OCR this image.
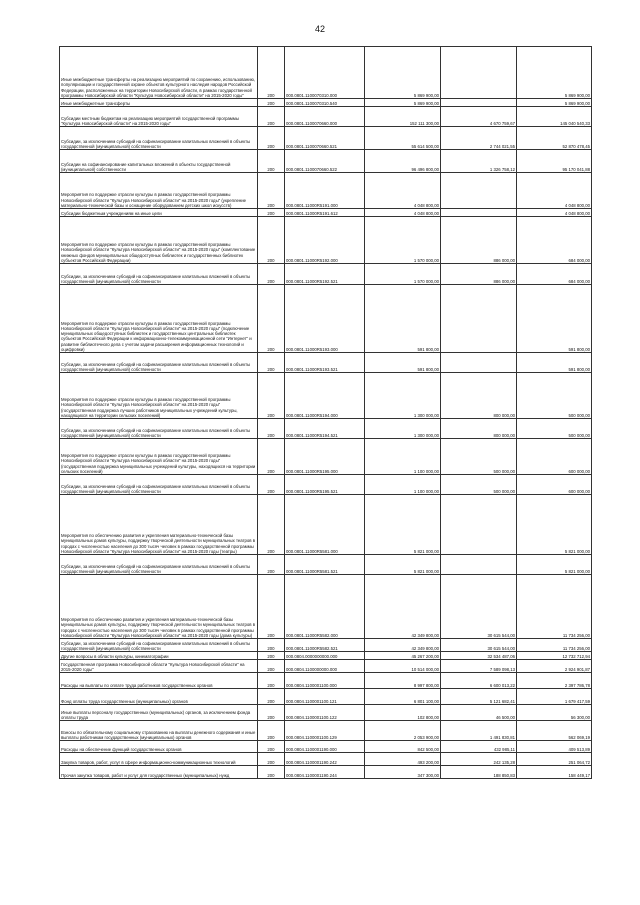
42
Иные межбюджетные трансферты на реализацию мероприятий по сохранению, использованию, популяризации и государственной охране объектов культурного наследия народов Российской Федерации, расположенных на территории Новосибирской области, в рамках государственной программы Новосибирской области "Культура Новосибирской области" на 2015-2020 годы"	200	000.0801.1100070310.000	5 869 900,00		5 869 900,00
Иные межбюджетные трансферты	200	000.0801.1100070310.540	5 869 900,00		5 869 900,00
Субсидии местным бюджетам на реализацию мероприятий государственной программы "Культура Новосибирской области" на 2015-2020 годы"	200	000.0801.1100070660.000	152 111 300,00	4 670 759,67	145 040 540,33
Субсидии, за исключением субсидий на софинансирование капитальных вложений в объекты государственной (муниципальной) собственности	200	000.0801.1100070660.521	55 614 500,00	2 744 021,55	52 870 478,45
Субсидии на софинансирование капитальных вложений в объекты государственной (муниципальной) собственности	200	000.0801.1100070660.522	96 496 800,00	1 326 758,12	95 170 041,88
Мероприятия по поддержке отрасли культуры в рамках государственной программы Новосибирской области "Культура Новосибирской области" на 2015-2020 годы" (укрепление материально-технической базы и оснащение оборудованием детских школ искусств)	200	000.0801.11000R5191.000	4 048 800,00		4 048 800,00
Субсидии бюджетным учреждениям на иные цели	200	000.0801.11000R5191.612	4 048 800,00		4 048 800,00
Мероприятия по поддержке отрасли культуры в рамках государственной программы Новосибирской области "Культура Новосибирской области" на 2015-2020 годы" (комплектование книжных фондов муниципальных общедоступных библиотек и государственных библиотек субъектов Российской Федерации)	200	000.0801.11000R5192.000	1 570 000,00	886 000,00	684 000,00
Субсидии, за исключением субсидий на софинансирование капитальных вложений в объекты государственной (муниципальной) собственности	200	000.0801.11000R5192.521	1 570 000,00	886 000,00	684 000,00
Мероприятия по поддержке отрасли культуры в рамках государственной программы Новосибирской области "Культура Новосибирской области" на 2015-2020 годы" (подключение муниципальных общедоступных библиотек и государственных центральных библиотек субъектов Российской Федерации к информационно-телекоммуникационной сети "Интернет" и развитие библиотечного дела с учетом задачи расширения информационных технологий и оцифровки)	200	000.0801.11000R5193.000	591 800,00		591 800,00
Субсидии, за исключением субсидий на софинансирование капитальных вложений в объекты государственной (муниципальной) собственности	200	000.0801.11000R5193.521	591 800,00		591 800,00
Мероприятия по поддержке отрасли культуры в рамках государственной программы Новосибирской области "Культура Новосибирской области" на 2015-2020 годы" (государственная поддержка лучших работников муниципальных учреждений культуры, находящихся на территории сельских поселений)	200	000.0801.11000R5194.000	1 300 000,00	800 000,00	500 000,00
Субсидии, за исключением субсидий на софинансирование капитальных вложений в объекты государственной (муниципальной) собственности	200	000.0801.11000R5194.521	1 300 000,00	800 000,00	500 000,00
Мероприятия по поддержке отрасли культуры в рамках государственной программы Новосибирской области "Культура Новосибирской области" на 2015-2020 годы" (государственная поддержка муниципальных учреждений культуры, находящихся на территории сельских поселений)	200	000.0801.11000R5195.000	1 100 000,00	500 000,00	600 000,00
Субсидии, за исключением субсидий на софинансирование капитальных вложений в объекты государственной (муниципальной) собственности	200	000.0801.11000R5195.521	1 100 000,00	500 000,00	600 000,00
Мероприятия по обеспечению развития и укрепления материально-технической базы муниципальных домов культуры, поддержку творческой деятельности муниципальных театров в городах с численностью населения до 300 тысяч человек в рамках государственной программы Новосибирской области "Культура Новосибирской области" на 2015-2020 годы (театры)	200	000.0801.11000R5581.000	5 821 000,00		5 821 000,00
Субсидии, за исключением субсидий на софинансирование капитальных вложений в объекты государственной (муниципальной) собственности	200	000.0801.11000R5581.521	5 821 000,00		5 821 000,00
Мероприятия по обеспечению развития и укрепления материально-технической базы муниципальных домов культуры, поддержку творческой деятельности муниципальных театров в городах с численностью населения до 300 тысяч человек в рамках государственной программы Новосибирской области "Культура Новосибирской области" на 2015-2020 годы (дома культуры)	200	000.0801.11000R5582.000	42 349 800,00	30 615 544,00	11 734 256,00
Субсидии, за исключением субсидий на софинансирование капитальных вложений в объекты государственной (муниципальной) собственности	200	000.0801.11000R5582.521	42 349 800,00	30 615 544,00	11 734 256,00
Другие вопросы в области культуры, кинематографии	200	000.0804.0000000000.000	45 267 200,00	32 534 487,06	12 732 712,94
Государственная программа Новосибирской области "Культура Новосибирской области" на 2015-2020 годы"	200	000.0804.1100000000.000	10 514 000,00	7 589 098,13	2 924 901,87
Расходы на выплаты по оплате труда работников государственных органов	200	000.0804.1100001100.000	8 997 800,00	6 600 013,22	2 397 786,78
Фонд оплаты труда государственных (муниципальных) органов	200	000.0804.1100001100.121	6 801 100,00	5 121 682,41	1 679 417,59
Иные выплаты персоналу государственных (муниципальных) органов, за исключением фонда оплаты труда	200	000.0804.1100001100.122	102 800,00	46 500,00	56 300,00
Взносы по обязательному социальному страхованию на выплаты денежного содержания и иные выплаты работникам государственных (муниципальных) органов	200	000.0804.1100001100.129	2 053 900,00	1 491 830,81	562 069,19
Расходы на обеспечение функций государственных органов	200	000.0804.1100001190.000	842 500,00	432 985,11	409 513,89
Закупка товаров, работ, услуг в сфере информационно-коммуникационных технологий	200	000.0804.1100001190.242	493 200,00	242 135,28	251 064,72
Прочая закупка товаров, работ и услуг для государственных (муниципальных) нужд	200	000.0804.1100001190.244	347 300,00	188 850,83	158 449,17
